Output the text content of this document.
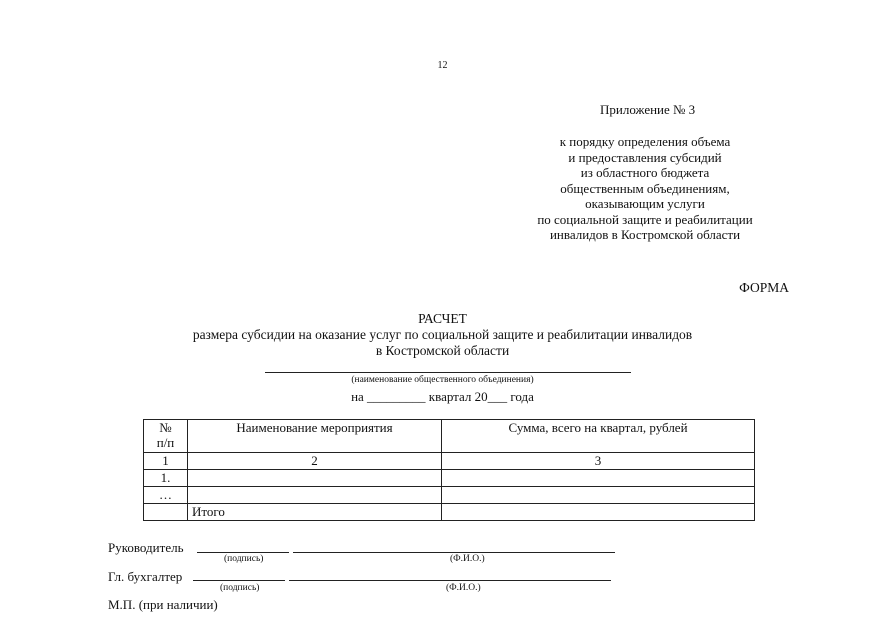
12
Приложение № 3
к порядку определения объема
и предоставления субсидий
из областного бюджета
общественным объединениям,
оказывающим услуги
по социальной защите и реабилитации
инвалидов в Костромской области
ФОРМА
РАСЧЕТ
размера субсидии на оказание услуг по социальной защите и реабилитации инвалидов
в Костромской области
(наименование общественного объединения)
на _________ квартал 20___ года
№
п/п	Наименование мероприятия	Сумма, всего на квартал, рублей
1	2	3
1.		
…		
	Итого	
Руководитель
(подпись)	(Ф.И.О.)
Гл. бухгалтер
(подпись)	(Ф.И.О.)
М.П. (при наличии)
